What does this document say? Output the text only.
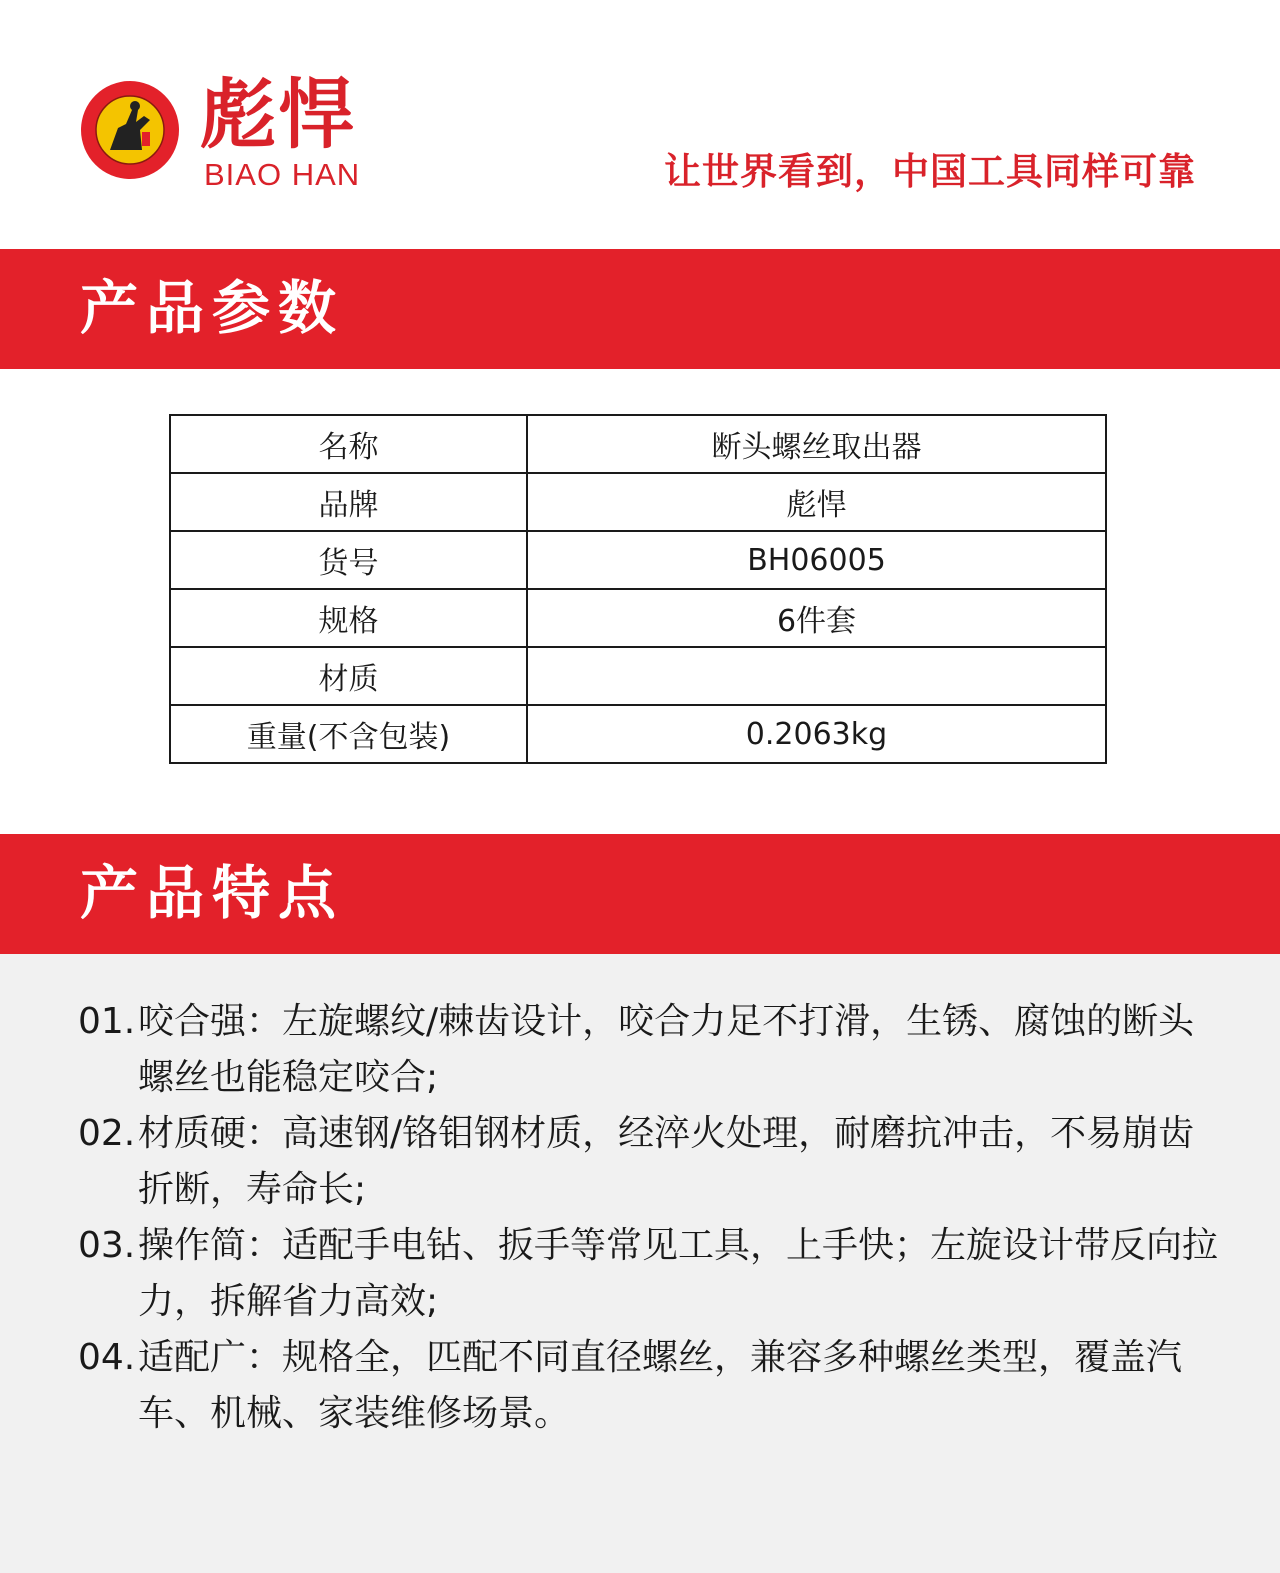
彪悍
BIAO HAN	让世界看到，中国工具同样可靠
产品参数
名称	断头螺丝取出器
品牌	彪悍
货号	BH06005
规格	6件套
材质	
重量(不含包装)	0.2063kg
产品特点
01. 咬合强：左旋螺纹/棘齿设计，咬合力足不打滑，生锈、腐蚀的断头螺丝也能稳定咬合;
02. 材质硬：高速钢/铬钼钢材质，经淬火处理，耐磨抗冲击，不易崩齿折断，寿命长;
03. 操作简：适配手电钻、扳手等常见工具，上手快；左旋设计带反向拉力，拆解省力高效;
04. 适配广：规格全，匹配不同直径螺丝，兼容多种螺丝类型，覆盖汽车、机械、家装维修场景。
